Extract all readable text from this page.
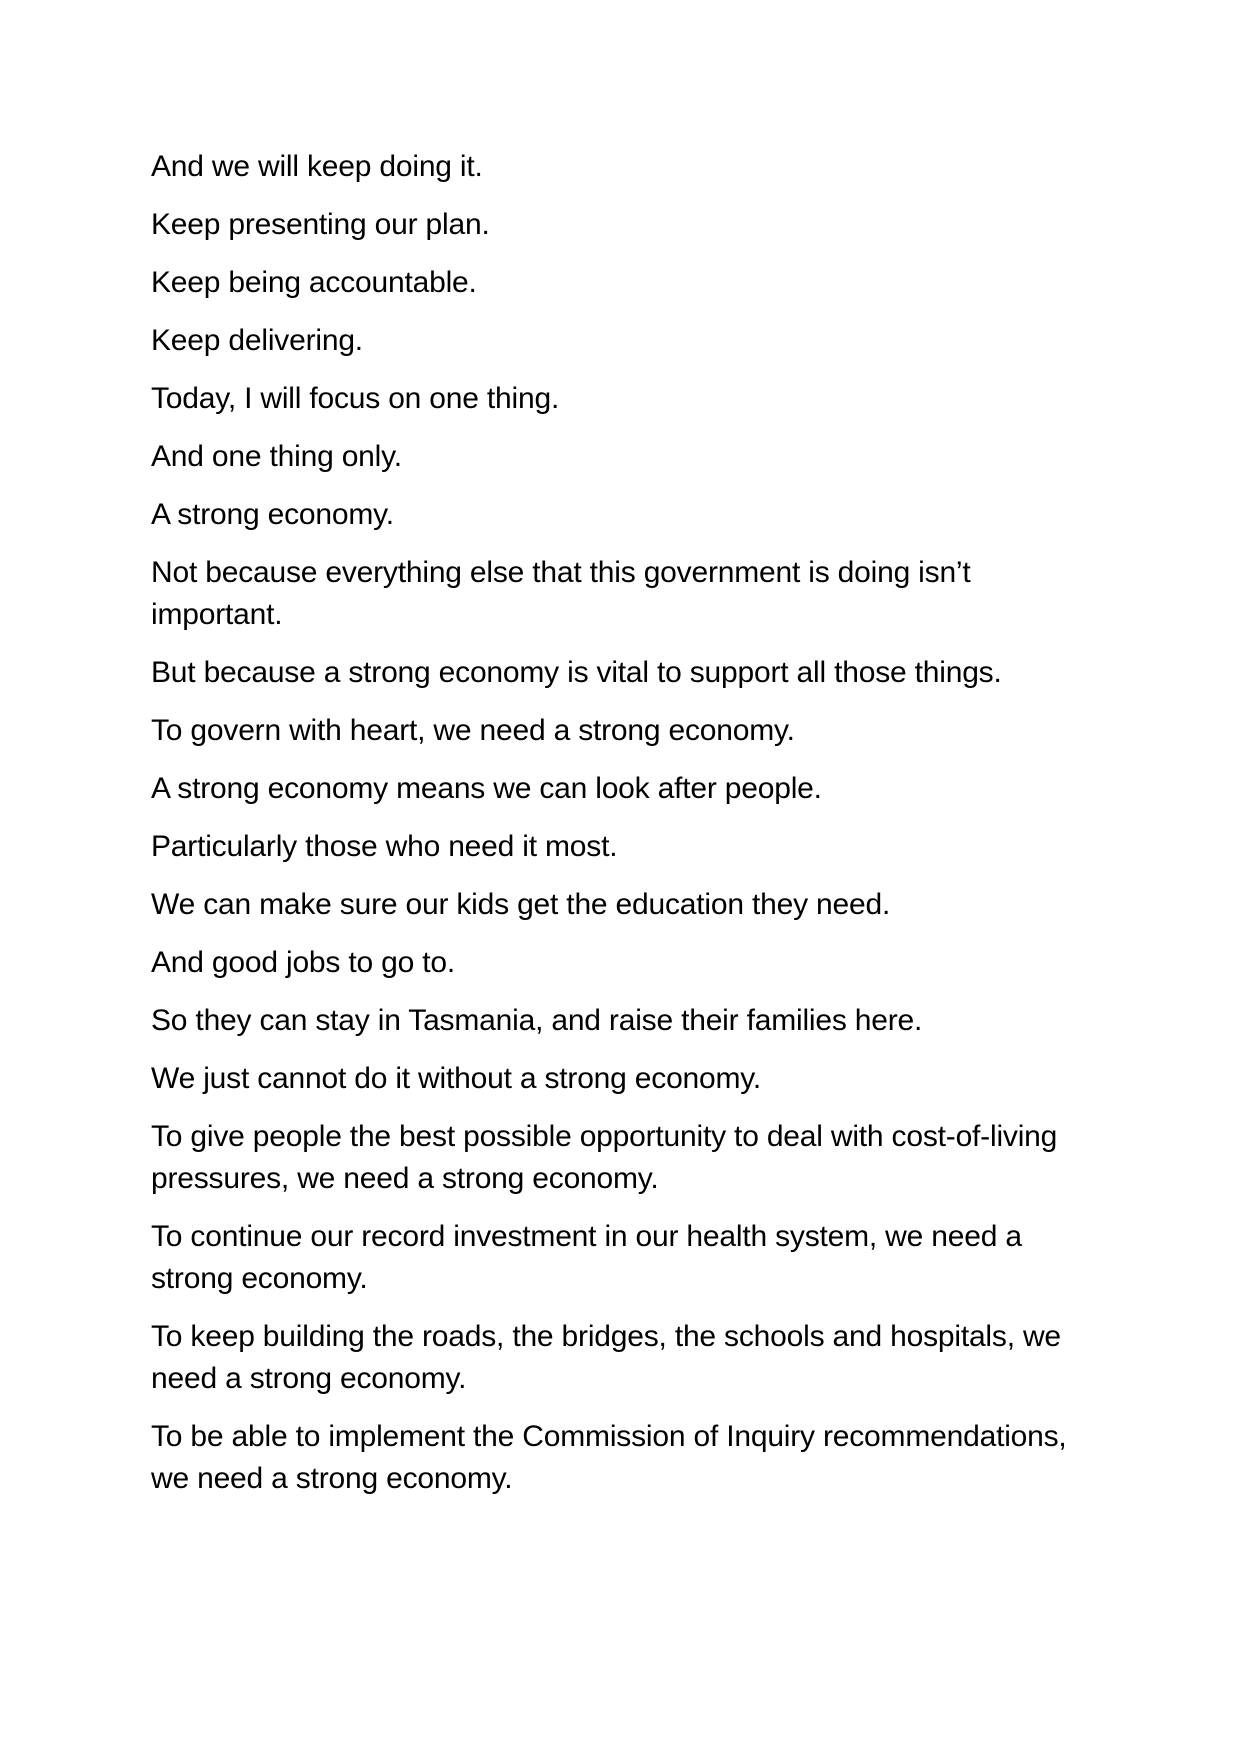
And we will keep doing it.

Keep presenting our plan.

Keep being accountable.

Keep delivering.

Today, I will focus on one thing.

And one thing only.

A strong economy.

Not because everything else that this government is doing isn’t important.

But because a strong economy is vital to support all those things.

To govern with heart, we need a strong economy.

A strong economy means we can look after people.

Particularly those who need it most.

We can make sure our kids get the education they need.

And good jobs to go to.

So they can stay in Tasmania, and raise their families here.

We just cannot do it without a strong economy.

To give people the best possible opportunity to deal with cost-of-living pressures, we need a strong economy.

To continue our record investment in our health system, we need a strong economy.

To keep building the roads, the bridges, the schools and hospitals, we need a strong economy.

To be able to implement the Commission of Inquiry recommendations, we need a strong economy.
